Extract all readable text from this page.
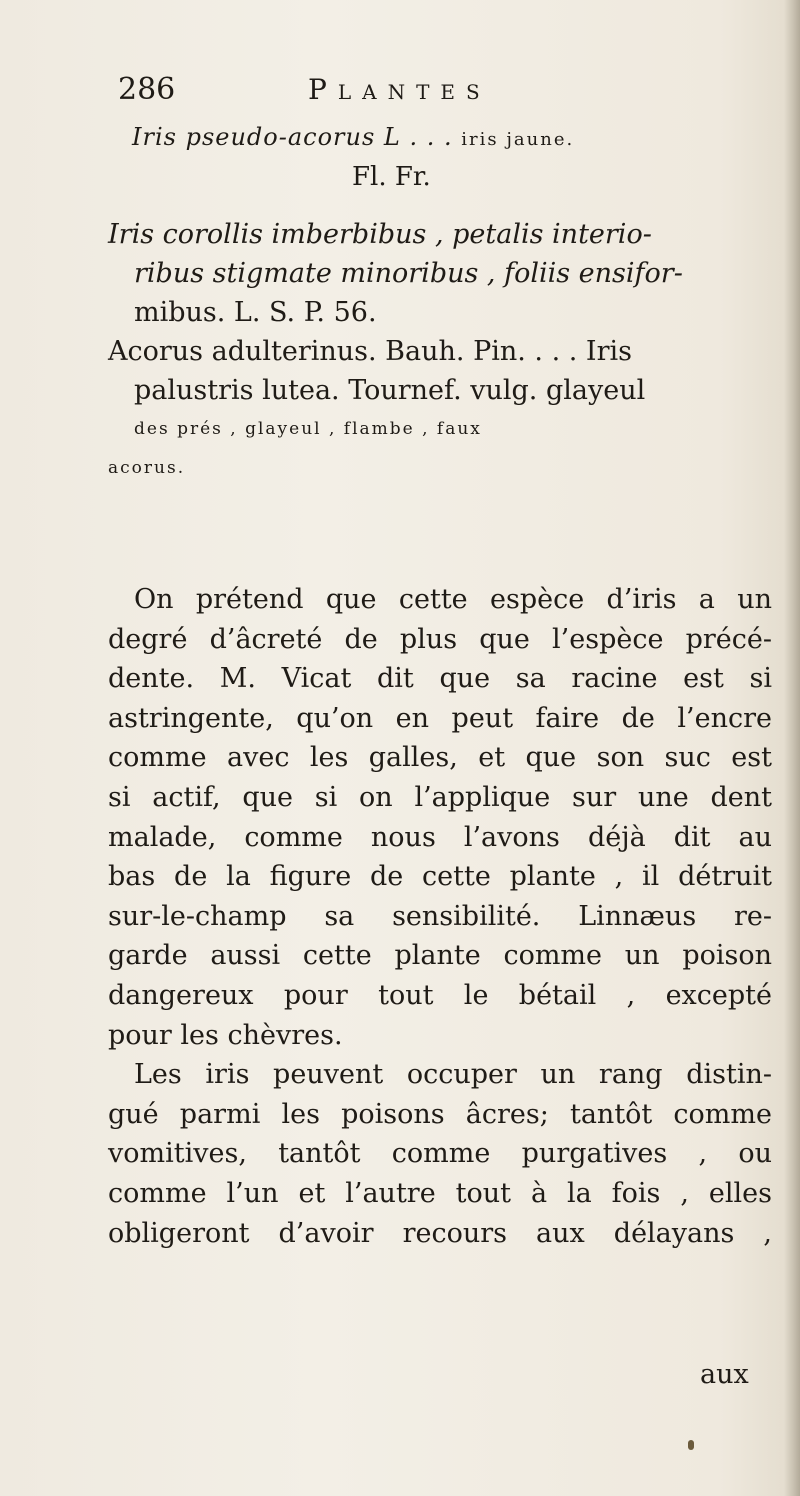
286	Plantes
Iris pseudo-acorus L . . . iris jaune.
Fl. Fr.
Iris corollis imberbibus , petalis interio-
ribus stigmate minoribus , foliis ensifor-
mibus. L. S. P. 56.
Acorus adulterinus. Bauh. Pin. . . . Iris
palustris lutea. Tournef. vulg. glayeul
des prés , glayeul , flambe , faux
acorus.
On prétend que cette espèce d’iris a un
degré d’âcreté de plus que l’espèce précé-
dente. M. Vicat dit que sa racine est si
astringente, qu’on en peut faire de l’encre
comme avec les galles, et que son suc est
si actif, que si on l’applique sur une dent
malade, comme nous l’avons déjà dit au
bas de la figure de cette plante , il détruit
sur-le-champ sa sensibilité. Linnæus re-
garde aussi cette plante comme un poison
dangereux pour tout le bétail , excepté
pour les chèvres.
Les iris peuvent occuper un rang distin-
gué parmi les poisons âcres; tantôt comme
vomitives, tantôt comme purgatives , ou
comme l’un et l’autre tout à la fois , elles
obligeront d’avoir recours aux délayans ,
aux
